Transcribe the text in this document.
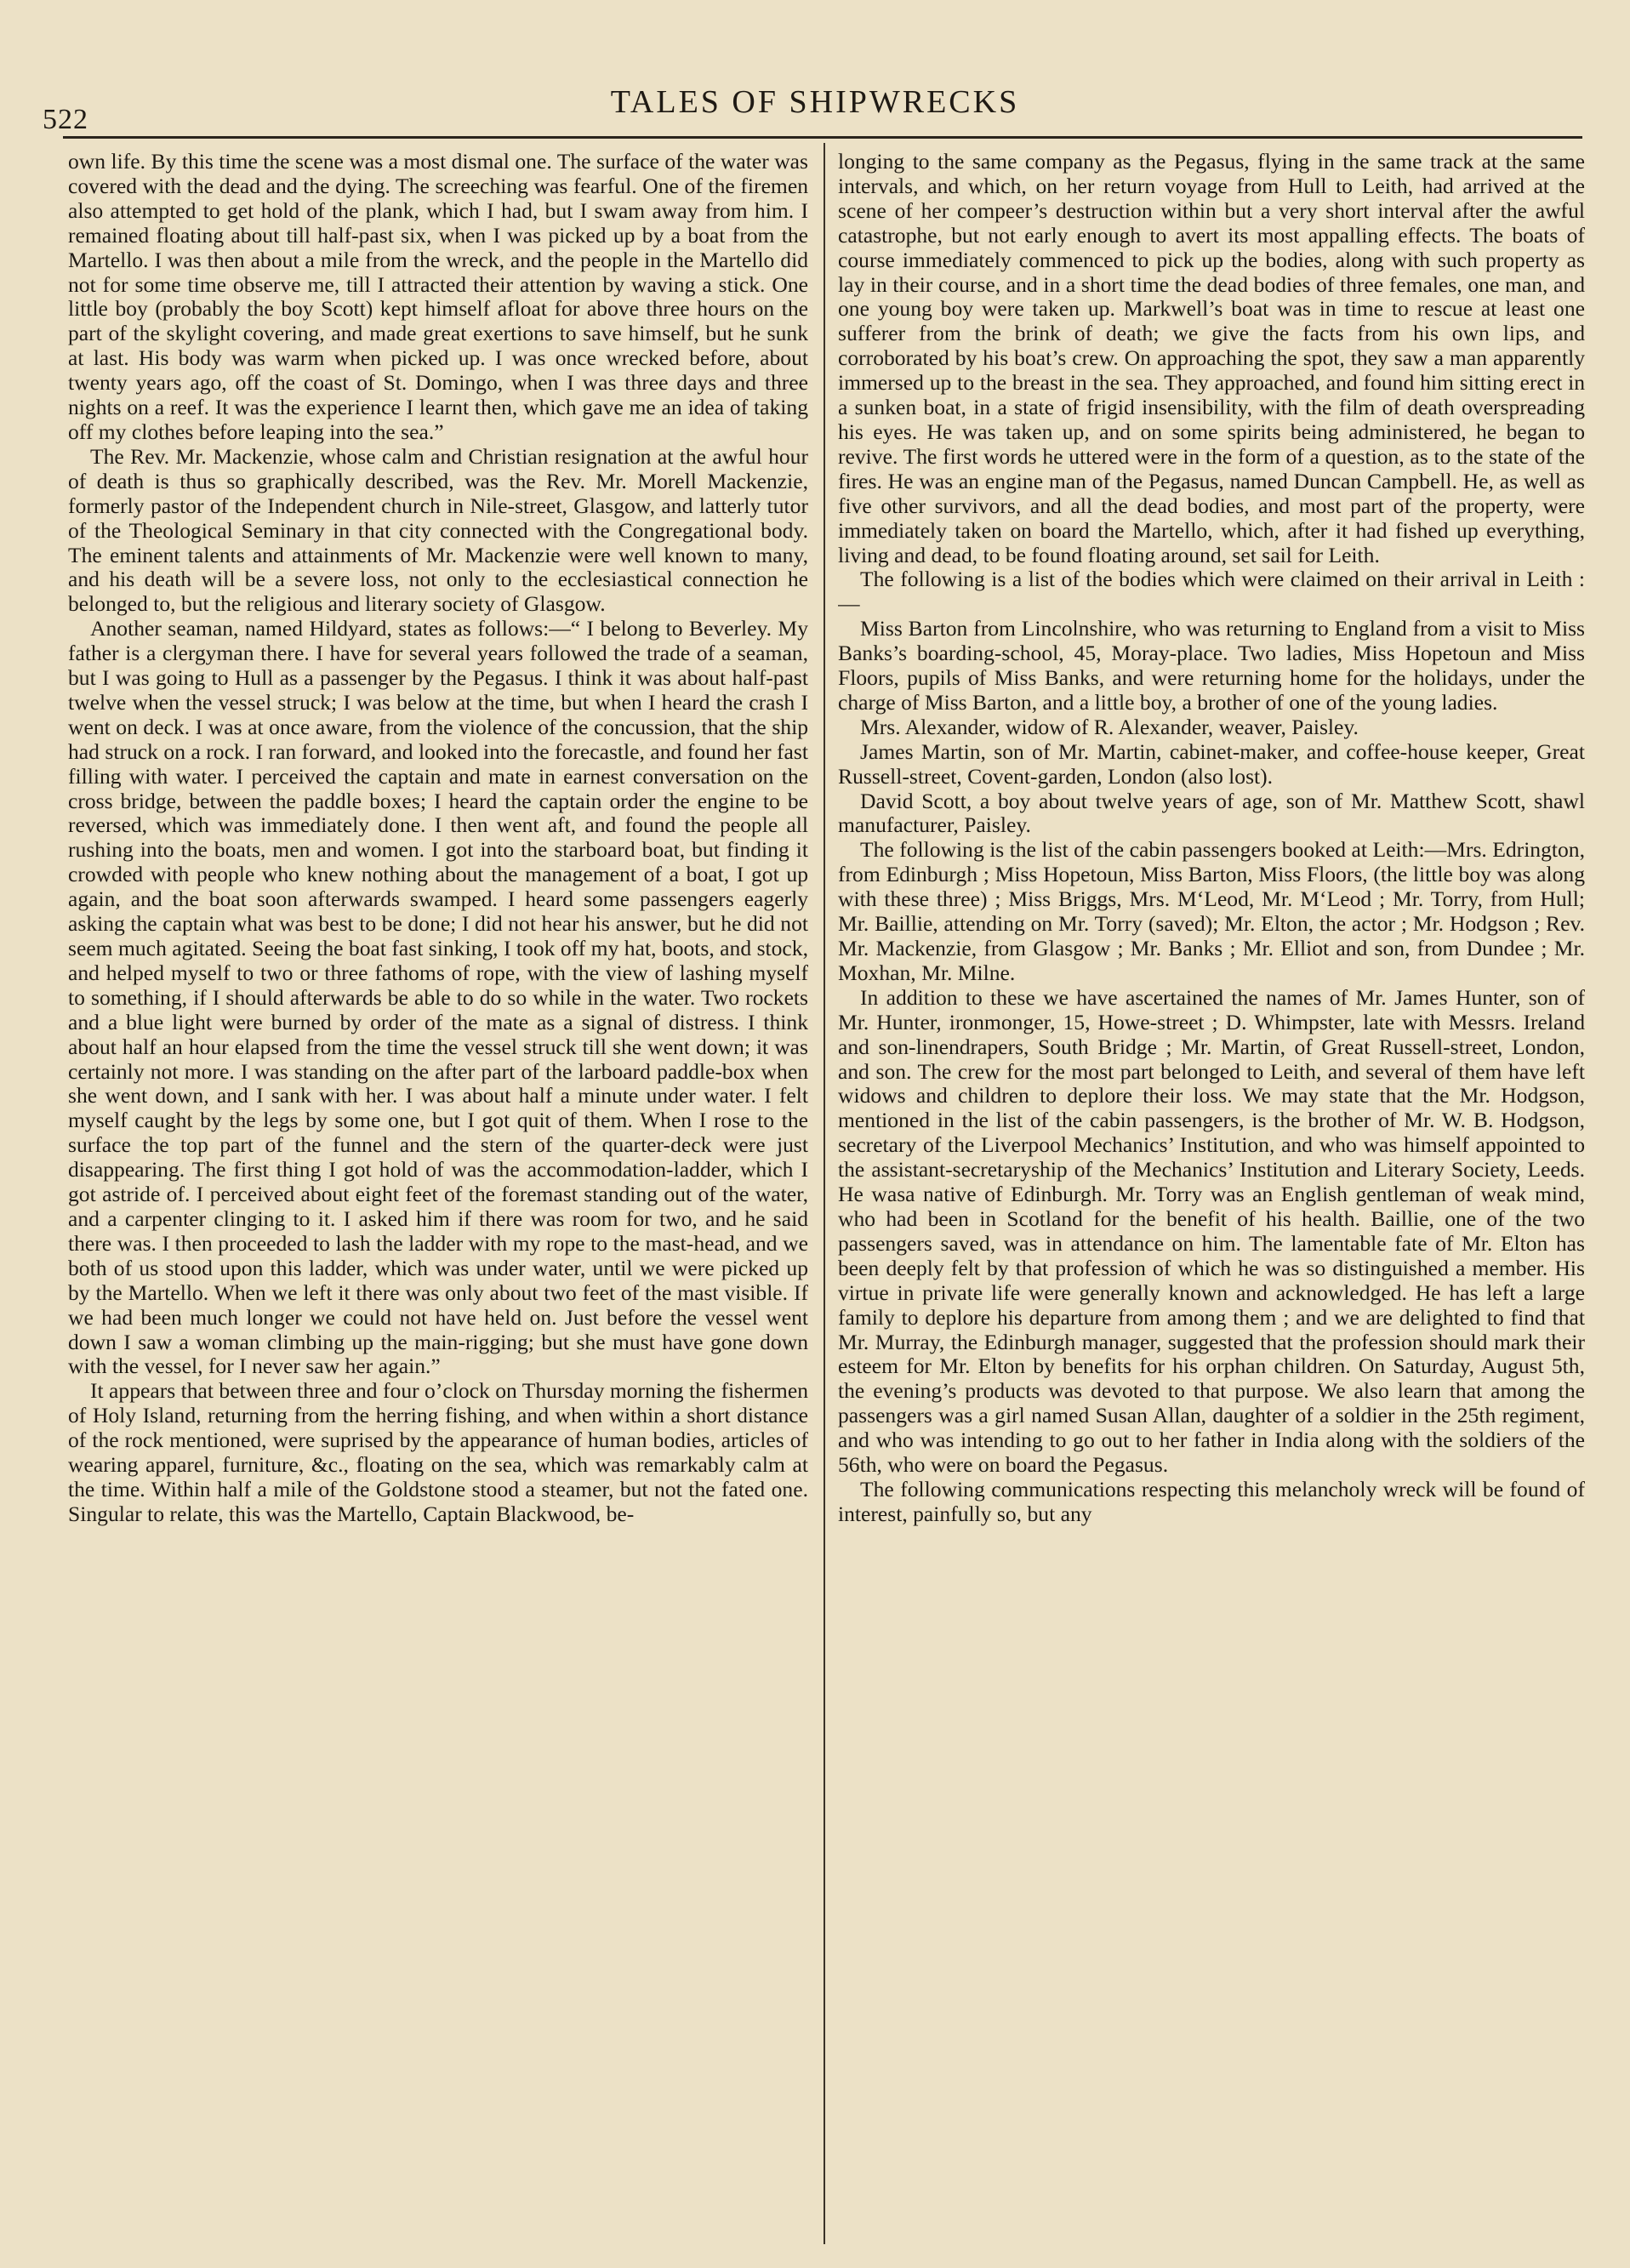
522	TALES OF SHIPWRECKS

own life. By this time the scene was a most dismal one. The surface of the water was covered with the dead and the dying. The screeching was fearful. One of the firemen also attempted to get hold of the plank, which I had, but I swam away from him. I remained floating about till half-past six, when I was picked up by a boat from the Martello. I was then about a mile from the wreck, and the people in the Martello did not for some time observe me, till I attracted their attention by waving a stick. One little boy (probably the boy Scott) kept himself afloat for above three hours on the part of the skylight covering, and made great exertions to save himself, but he sunk at last. His body was warm when picked up. I was once wrecked before, about twenty years ago, off the coast of St. Domingo, when I was three days and three nights on a reef. It was the experience I learnt then, which gave me an idea of taking off my clothes before leaping into the sea.”

The Rev. Mr. Mackenzie, whose calm and Christian resignation at the awful hour of death is thus so graphically described, was the Rev. Mr. Morell Mackenzie, formerly pastor of the Independent church in Nile-street, Glasgow, and latterly tutor of the Theological Seminary in that city connected with the Congregational body. The eminent talents and attainments of Mr. Mackenzie were well known to many, and his death will be a severe loss, not only to the ecclesiastical connection he belonged to, but the religious and literary society of Glasgow.

Another seaman, named Hildyard, states as follows:—“ I belong to Beverley. My father is a clergyman there. I have for several years followed the trade of a seaman, but I was going to Hull as a passenger by the Pegasus. I think it was about half-past twelve when the vessel struck; I was below at the time, but when I heard the crash I went on deck. I was at once aware, from the violence of the concussion, that the ship had struck on a rock. I ran forward, and looked into the forecastle, and found her fast filling with water. I perceived the captain and mate in earnest conversation on the cross bridge, between the paddle boxes; I heard the captain order the engine to be reversed, which was immediately done. I then went aft, and found the people all rushing into the boats, men and women. I got into the starboard boat, but finding it crowded with people who knew nothing about the management of a boat, I got up again, and the boat soon afterwards swamped. I heard some passengers eagerly asking the captain what was best to be done; I did not hear his answer, but he did not seem much agitated. Seeing the boat fast sinking, I took off my hat, boots, and stock, and helped myself to two or three fathoms of rope, with the view of lashing myself to something, if I should afterwards be able to do so while in the water. Two rockets and a blue light were burned by order of the mate as a signal of distress. I think about half an hour elapsed from the time the vessel struck till she went down; it was certainly not more. I was standing on the after part of the larboard paddle-box when she went down, and I sank with her. I was about half a minute under water. I felt myself caught by the legs by some one, but I got quit of them. When I rose to the surface the top part of the funnel and the stern of the quarter-deck were just disappearing. The first thing I got hold of was the accommodation-ladder, which I got astride of. I perceived about eight feet of the foremast standing out of the water, and a carpenter clinging to it. I asked him if there was room for two, and he said there was. I then proceeded to lash the ladder with my rope to the mast-head, and we both of us stood upon this ladder, which was under water, until we were picked up by the Martello. When we left it there was only about two feet of the mast visible. If we had been much longer we could not have held on. Just before the vessel went down I saw a woman climbing up the main-rigging; but she must have gone down with the vessel, for I never saw her again.”

It appears that between three and four o’clock on Thursday morning the fishermen of Holy Island, returning from the herring fishing, and when within a short distance of the rock mentioned, were suprised by the appearance of human bodies, articles of wearing apparel, furniture, &c., floating on the sea, which was remarkably calm at the time. Within half a mile of the Goldstone stood a steamer, but not the fated one. Singular to relate, this was the Martello, Captain Blackwood, be-

longing to the same company as the Pegasus, flying in the same track at the same intervals, and which, on her return voyage from Hull to Leith, had arrived at the scene of her compeer’s destruction within but a very short interval after the awful catastrophe, but not early enough to avert its most appalling effects. The boats of course immediately commenced to pick up the bodies, along with such property as lay in their course, and in a short time the dead bodies of three females, one man, and one young boy were taken up. Markwell’s boat was in time to rescue at least one sufferer from the brink of death; we give the facts from his own lips, and corroborated by his boat’s crew. On approaching the spot, they saw a man apparently immersed up to the breast in the sea. They approached, and found him sitting erect in a sunken boat, in a state of frigid insensibility, with the film of death overspreading his eyes. He was taken up, and on some spirits being administered, he began to revive. The first words he uttered were in the form of a question, as to the state of the fires. He was an engine man of the Pegasus, named Duncan Campbell. He, as well as five other survivors, and all the dead bodies, and most part of the property, were immediately taken on board the Martello, which, after it had fished up everything, living and dead, to be found floating around, set sail for Leith.

The following is a list of the bodies which were claimed on their arrival in Leith :—

Miss Barton from Lincolnshire, who was returning to England from a visit to Miss Banks’s boarding-school, 45, Moray-place. Two ladies, Miss Hopetoun and Miss Floors, pupils of Miss Banks, and were returning home for the holidays, under the charge of Miss Barton, and a little boy, a brother of one of the young ladies.

Mrs. Alexander, widow of R. Alexander, weaver, Paisley.

James Martin, son of Mr. Martin, cabinet-maker, and coffee-house keeper, Great Russell-street, Covent-garden, London (also lost).

David Scott, a boy about twelve years of age, son of Mr. Matthew Scott, shawl manufacturer, Paisley.

The following is the list of the cabin passengers booked at Leith:—Mrs. Edrington, from Edinburgh ; Miss Hopetoun, Miss Barton, Miss Floors, (the little boy was along with these three) ; Miss Briggs, Mrs. M‘Leod, Mr. M‘Leod ; Mr. Torry, from Hull; Mr. Baillie, attending on Mr. Torry (saved); Mr. Elton, the actor ; Mr. Hodgson ; Rev. Mr. Mackenzie, from Glasgow ; Mr. Banks ; Mr. Elliot and son, from Dundee ; Mr. Moxhan, Mr. Milne.

In addition to these we have ascertained the names of Mr. James Hunter, son of Mr. Hunter, ironmonger, 15, Howe-street ; D. Whimpster, late with Messrs. Ireland and son-linendrapers, South Bridge ; Mr. Martin, of Great Russell-street, London, and son. The crew for the most part belonged to Leith, and several of them have left widows and children to deplore their loss. We may state that the Mr. Hodgson, mentioned in the list of the cabin passengers, is the brother of Mr. W. B. Hodgson, secretary of the Liverpool Mechanics’ Institution, and who was himself appointed to the assistant-secretaryship of the Mechanics’ Institution and Literary Society, Leeds. He wasa native of Edinburgh. Mr. Torry was an English gentleman of weak mind, who had been in Scotland for the benefit of his health. Baillie, one of the two passengers saved, was in attendance on him. The lamentable fate of Mr. Elton has been deeply felt by that profession of which he was so distinguished a member. His virtue in private life were generally known and acknowledged. He has left a large family to deplore his departure from among them ; and we are delighted to find that Mr. Murray, the Edinburgh manager, suggested that the profession should mark their esteem for Mr. Elton by benefits for his orphan children. On Saturday, August 5th, the evening’s products was devoted to that purpose. We also learn that among the passengers was a girl named Susan Allan, daughter of a soldier in the 25th regiment, and who was intending to go out to her father in India along with the soldiers of the 56th, who were on board the Pegasus.

The following communications respecting this melancholy wreck will be found of interest, painfully so, but any
